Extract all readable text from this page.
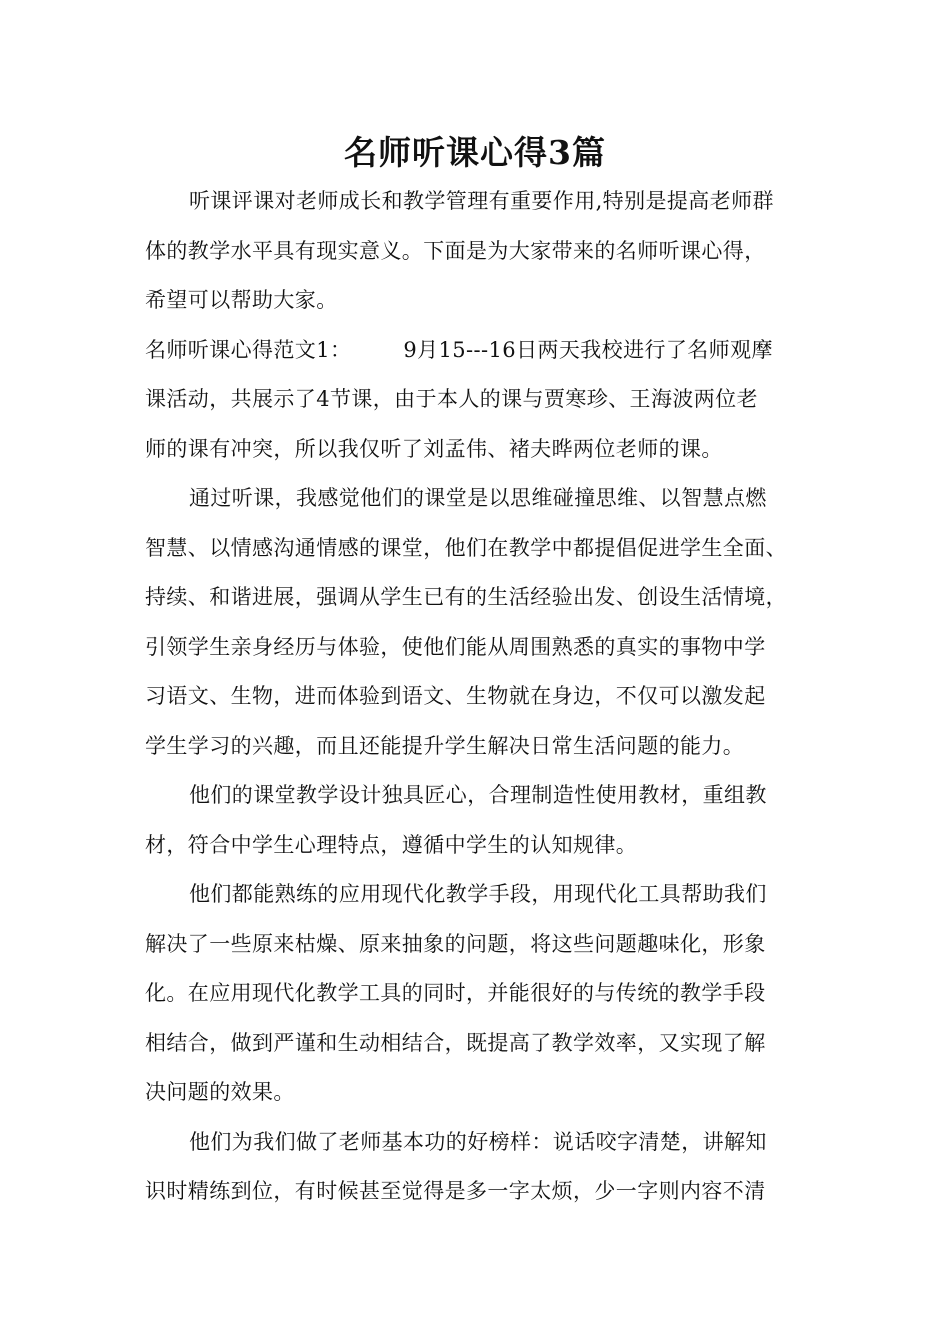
名师听课心得3篇
听课评课对老师成长和教学管理有重要作用,特别是提高老师群
体的教学水平具有现实意义。下面是为大家带来的名师听课心得，
希望可以帮助大家。
名师听课心得范文1： 9月15---16日两天我校进行了名师观摩
课活动，共展示了4节课，由于本人的课与贾寒珍、王海波两位老
师的课有冲突，所以我仅听了刘孟伟、褚夫晔两位老师的课。
通过听课，我感觉他们的课堂是以思维碰撞思维、以智慧点燃
智慧、以情感沟通情感的课堂，他们在教学中都提倡促进学生全面、
持续、和谐进展，强调从学生已有的生活经验出发、创设生活情境，
引领学生亲身经历与体验，使他们能从周围熟悉的真实的事物中学
习语文、生物，进而体验到语文、生物就在身边，不仅可以激发起
学生学习的兴趣，而且还能提升学生解决日常生活问题的能力。
他们的课堂教学设计独具匠心，合理制造性使用教材，重组教
材，符合中学生心理特点，遵循中学生的认知规律。
他们都能熟练的应用现代化教学手段，用现代化工具帮助我们
解决了一些原来枯燥、原来抽象的问题，将这些问题趣味化，形象
化。在应用现代化教学工具的同时，并能很好的与传统的教学手段
相结合，做到严谨和生动相结合，既提高了教学效率，又实现了解
决问题的效果。
他们为我们做了老师基本功的好榜样：说话咬字清楚，讲解知
识时精练到位，有时候甚至觉得是多一字太烦，少一字则内容不清
